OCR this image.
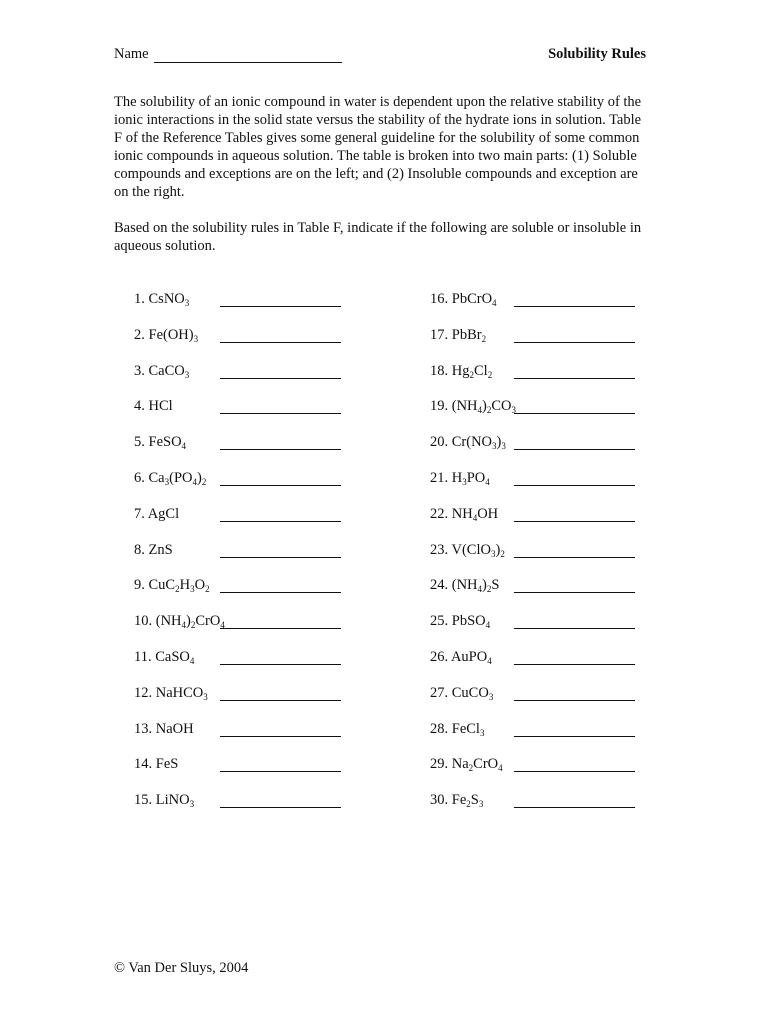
Name	Solubility Rules
The solubility of an ionic compound in water is dependent upon the relative stability of the ionic interactions in the solid state versus the stability of the hydrate ions in solution. Table F of the Reference Tables gives some general guideline for the solubility of some common ionic compounds in aqueous solution. The table is broken into two main parts: (1) Soluble compounds and exceptions are on the left; and (2) Insoluble compounds and exception are on the right.
Based on the solubility rules in Table F, indicate if the following are soluble or insoluble in aqueous solution.
1. CsNO$_3$
2. $Fe(OH)_3$
3. CaCO$_3$
4. HCl
5. FeSO$_4$
6. $Ca_3(PO_4)_2$
7. AgCl
8. ZnS
9. $CuC_2H_3O_2$
10. $(NH_4)_2CrO_4$
11. CaSO$_4$
12. NaHCO$_3$
13. NaOH
14. FeS
15. LiNO$_3$
16. PbCrO$_4$
17. PbBr$_2$
18. $Hg_2Cl_2$
19. $(NH_4)_2CO_3$
20. $Cr(NO_3)_3$
21. $H_3PO_4$
22. $NH_4OH$
23. $V(ClO_3)_2$
24. $(NH_4)_2S$
25. PbSO$_4$
26. AuPO$_4$
27. CuCO$_3$
28. FeCl$_3$
29. $Na_2CrO_4$
30. $Fe_2S_3$
© Van Der Sluys, 2004
